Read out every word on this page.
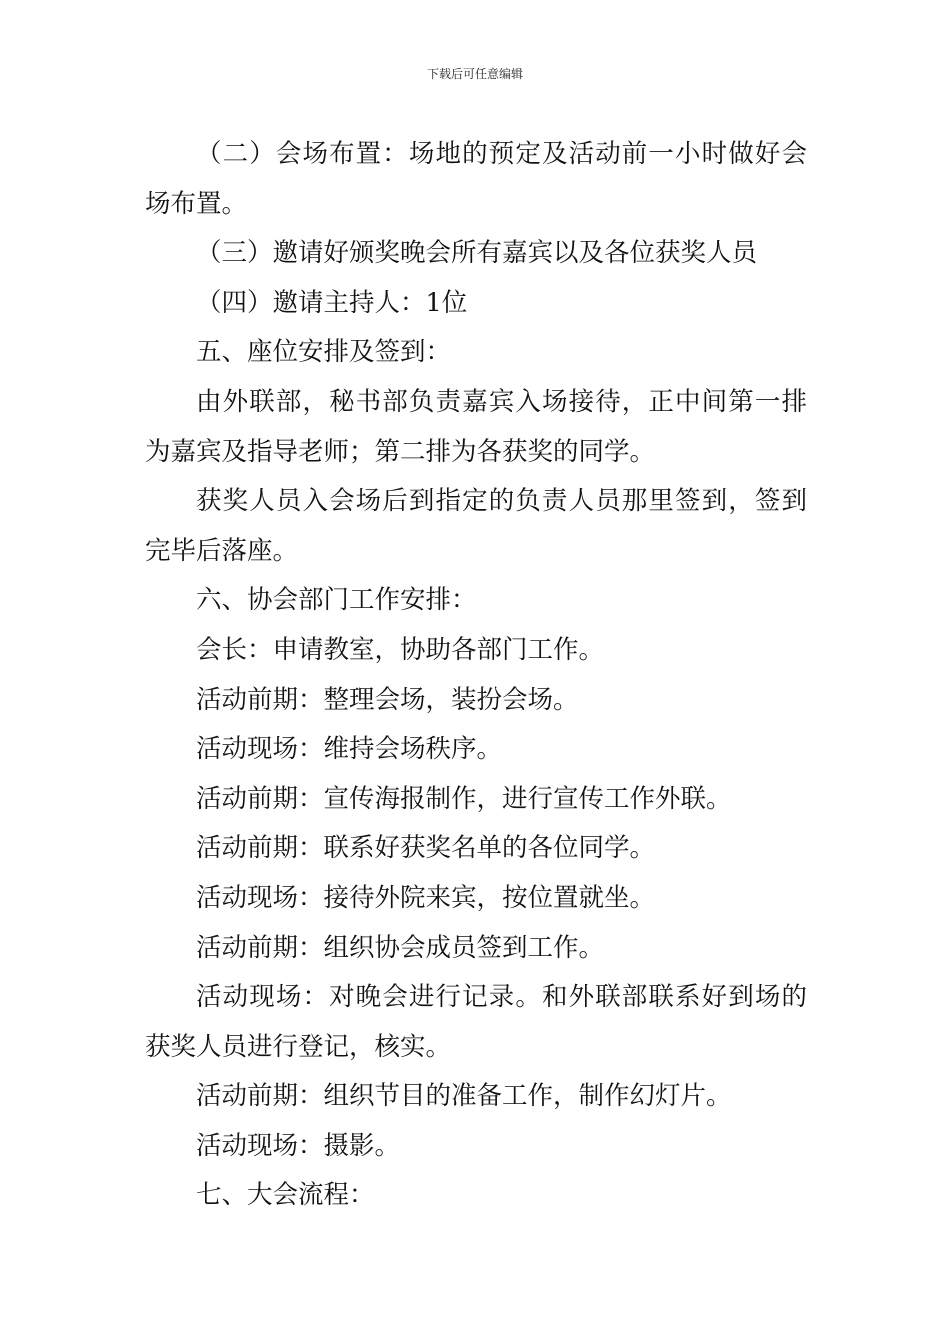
下载后可任意编辑

（二）会场布置：场地的预定及活动前一小时做好会场布置。

（三）邀请好颁奖晚会所有嘉宾以及各位获奖人员

（四）邀请主持人：1位

五、座位安排及签到：

由外联部，秘书部负责嘉宾入场接待，正中间第一排为嘉宾及指导老师；第二排为各获奖的同学。

获奖人员入会场后到指定的负责人员那里签到，签到完毕后落座。

六、协会部门工作安排：

会长：申请教室，协助各部门工作。

活动前期：整理会场，装扮会场。

活动现场：维持会场秩序。

活动前期：宣传海报制作，进行宣传工作外联。

活动前期：联系好获奖名单的各位同学。

活动现场：接待外院来宾，按位置就坐。

活动前期：组织协会成员签到工作。

活动现场：对晚会进行记录。和外联部联系好到场的获奖人员进行登记，核实。

活动前期：组织节目的准备工作，制作幻灯片。

活动现场：摄影。

七、大会流程：
